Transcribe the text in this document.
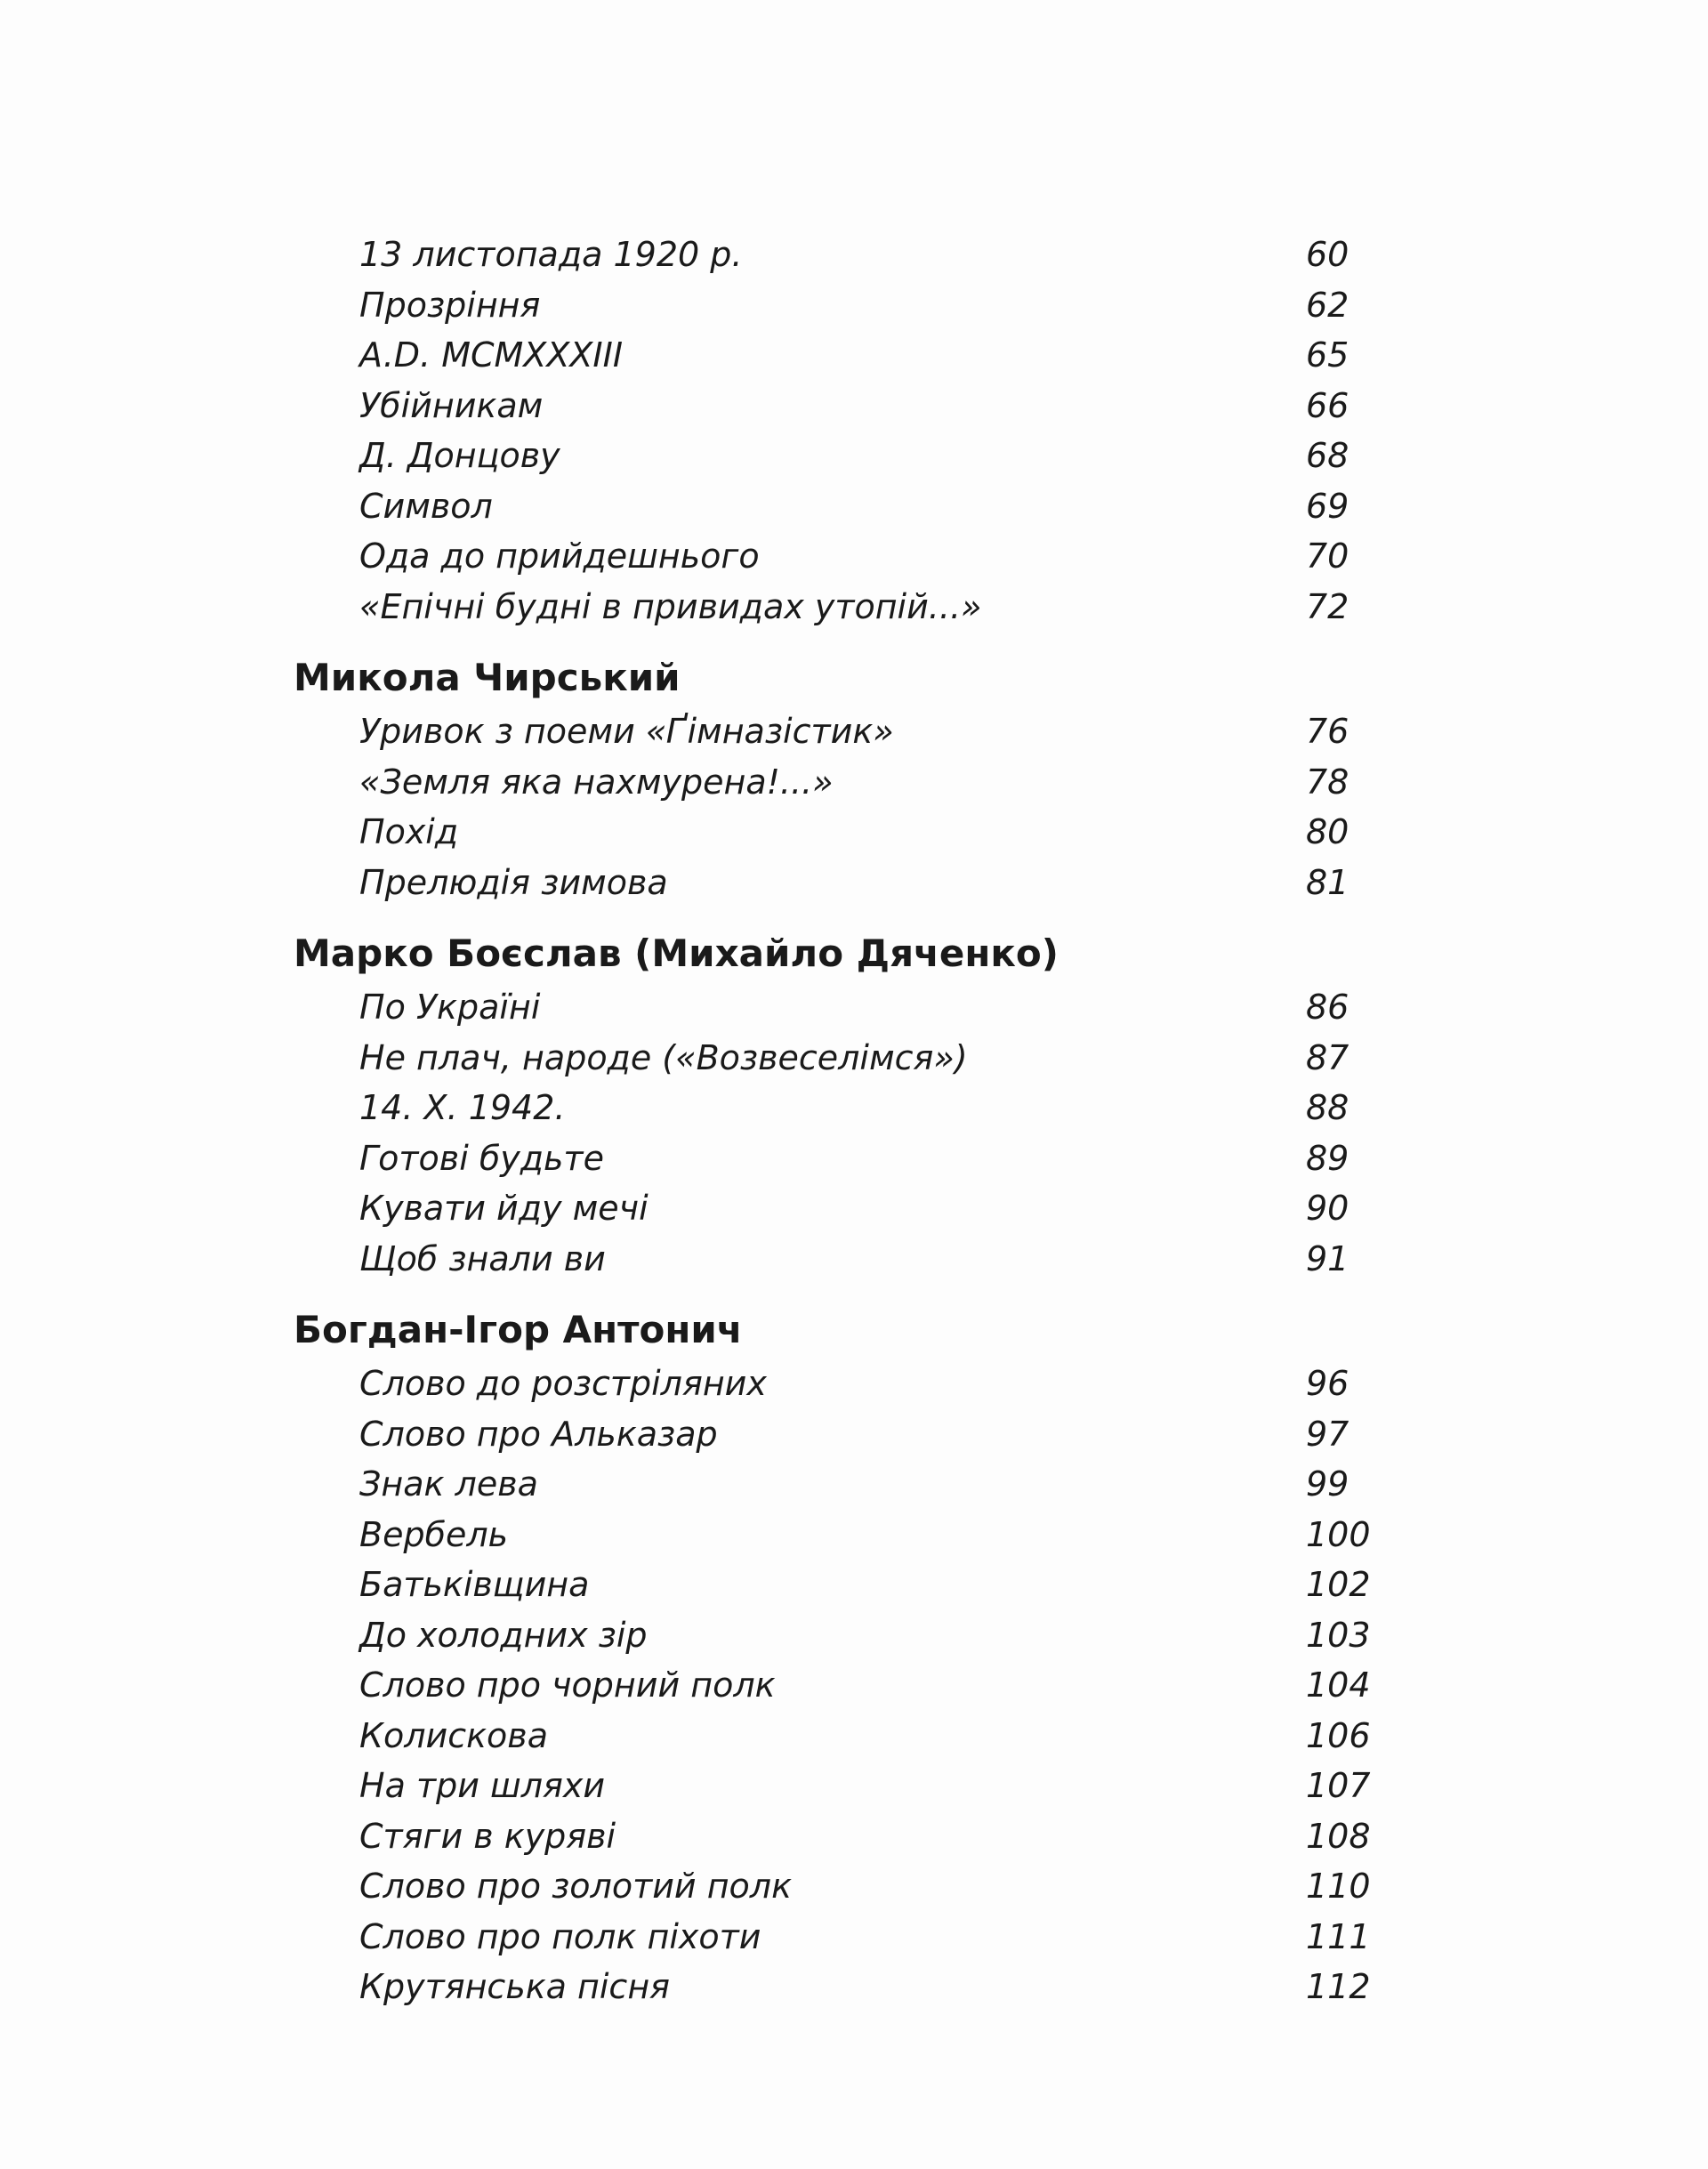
13 листопада 1920 р.	60
Прозріння	62
A.D. MCMXXXIII	65
Убійникам	66
Д. Донцову	68
Символ	69
Ода до прийдешнього	70
«Епічні будні в привидах утопій...»	72
Микола Чирський
Уривок з поеми «Ґімназістик»	76
«Земля яка нахмурена!...»	78
Похід	80
Прелюдія зимова	81
Марко Боєслав (Михайло Дяченко)
По Україні	86
Не плач, народе («Возвеселімся»)	87
14. X. 1942.	88
Готові будьте	89
Кувати йду мечі	90
Щоб знали ви	91
Богдан-Ігор Антонич
Слово до розстріляних	96
Слово про Альказар	97
Знак лева	99
Вербель	100
Батьківщина	102
До холодних зір	103
Слово про чорний полк	104
Колискова	106
На три шляхи	107
Стяги в куряві	108
Слово про золотий полк	110
Слово про полк піхоти	111
Крутянська пісня	112
